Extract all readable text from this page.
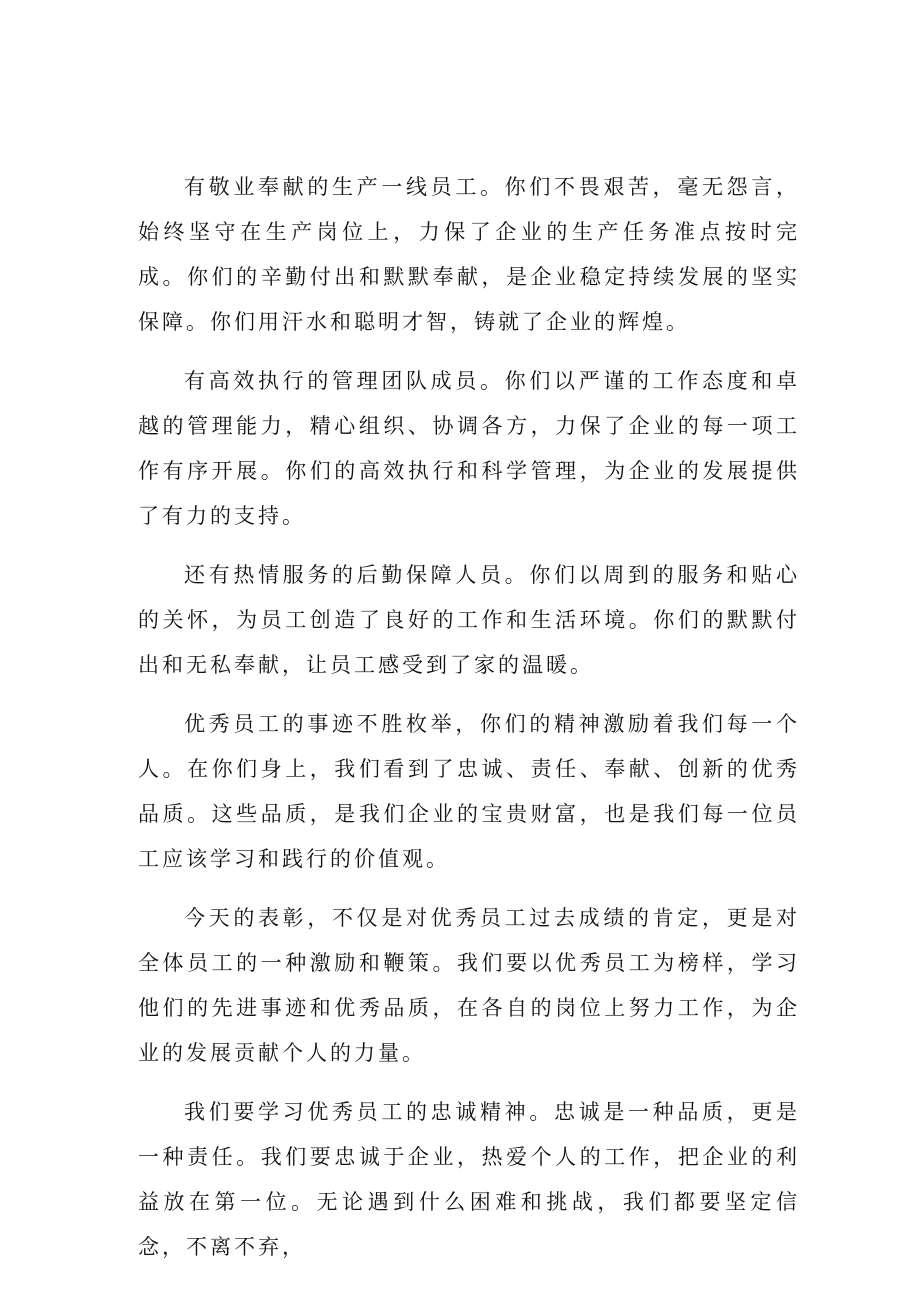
有敬业奉献的生产一线员工。你们不畏艰苦，毫无怨言，始终坚守在生产岗位上，力保了企业的生产任务准点按时完成。你们的辛勤付出和默默奉献，是企业稳定持续发展的坚实保障。你们用汗水和聪明才智，铸就了企业的辉煌。

有高效执行的管理团队成员。你们以严谨的工作态度和卓越的管理能力，精心组织、协调各方，力保了企业的每一项工作有序开展。你们的高效执行和科学管理，为企业的发展提供了有力的支持。

还有热情服务的后勤保障人员。你们以周到的服务和贴心的关怀，为员工创造了良好的工作和生活环境。你们的默默付出和无私奉献，让员工感受到了家的温暖。

优秀员工的事迹不胜枚举，你们的精神激励着我们每一个人。在你们身上，我们看到了忠诚、责任、奉献、创新的优秀品质。这些品质，是我们企业的宝贵财富，也是我们每一位员工应该学习和践行的价值观。

今天的表彰，不仅是对优秀员工过去成绩的肯定，更是对全体员工的一种激励和鞭策。我们要以优秀员工为榜样，学习他们的先进事迹和优秀品质，在各自的岗位上努力工作，为企业的发展贡献个人的力量。

我们要学习优秀员工的忠诚精神。忠诚是一种品质，更是一种责任。我们要忠诚于企业，热爱个人的工作，把企业的利益放在第一位。无论遇到什么困难和挑战，我们都要坚定信念，不离不弃，
